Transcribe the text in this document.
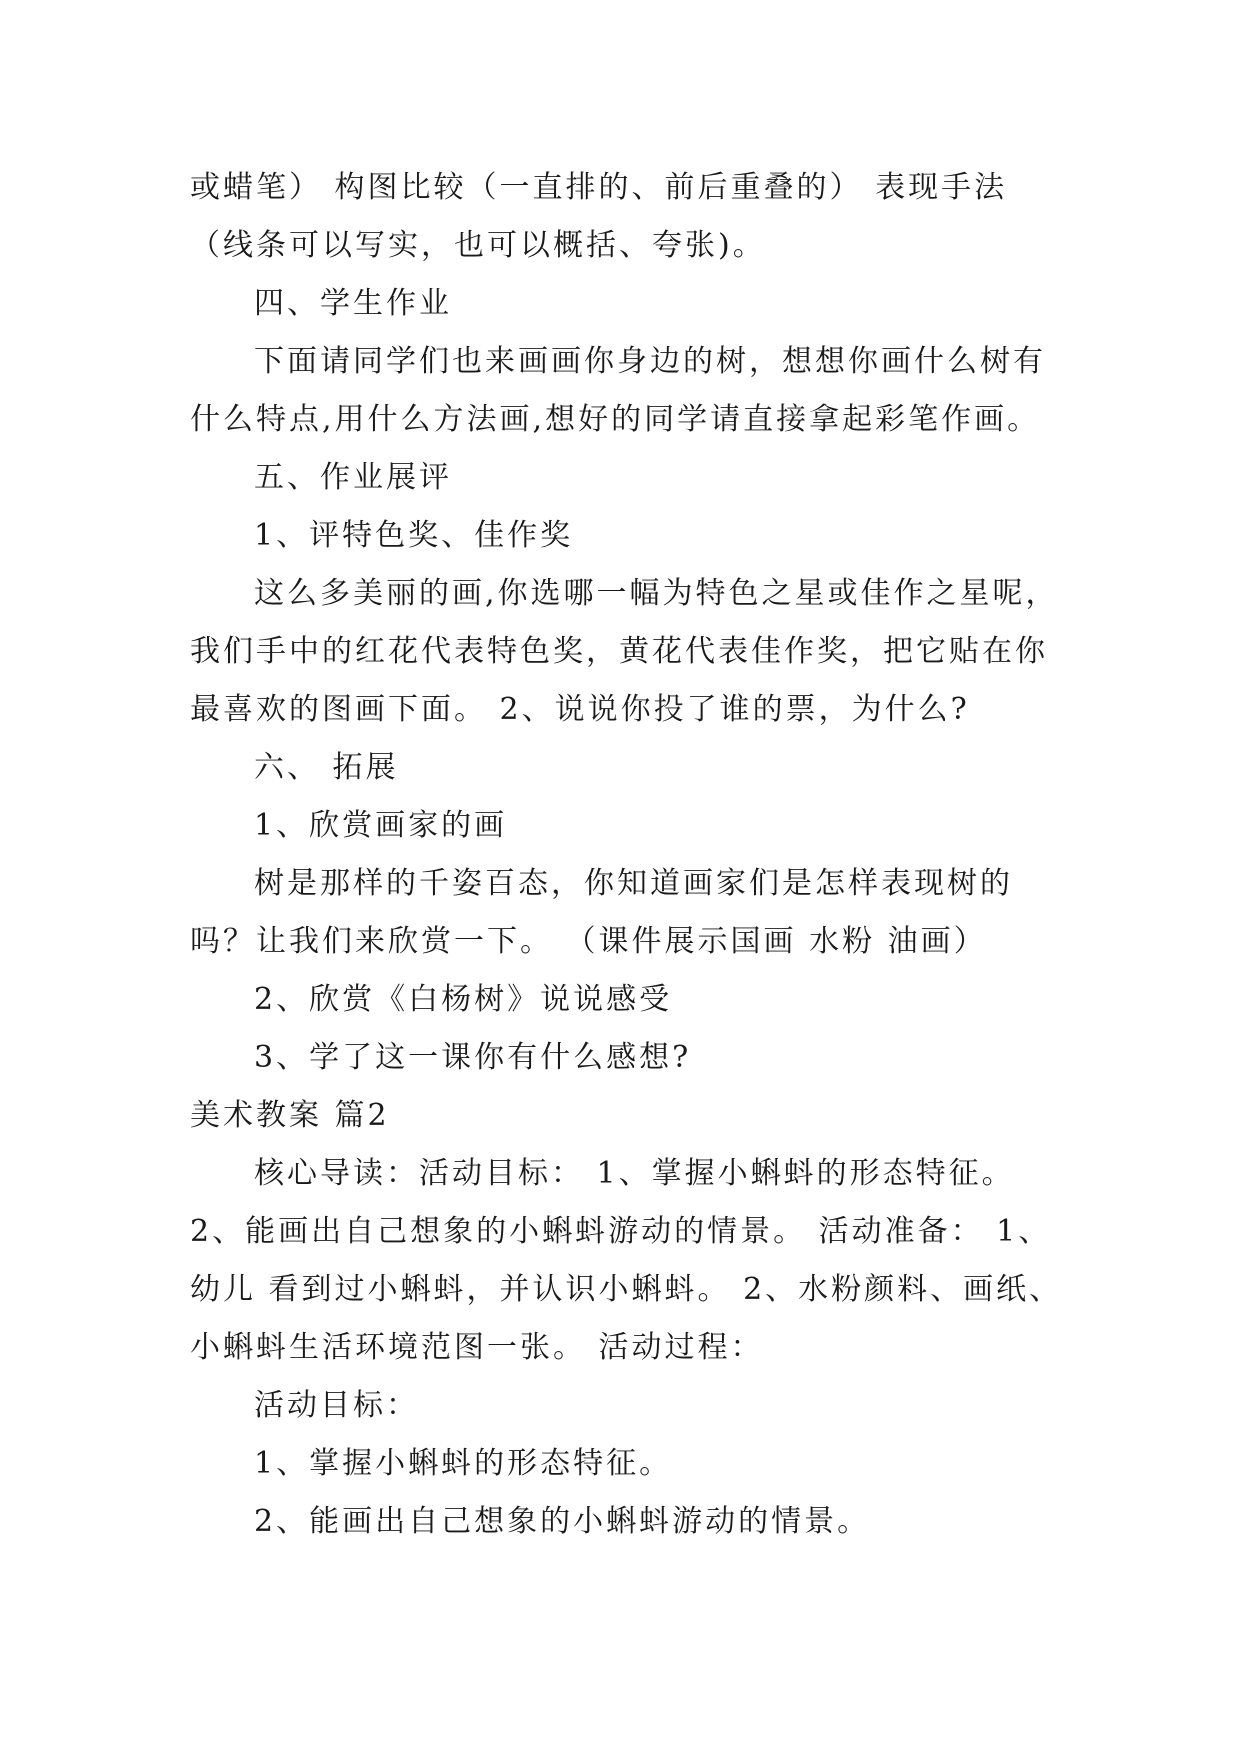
或蜡笔） 构图比较（一直排的、前后重叠的） 表现手法
（线条可以写实，也可以概括、夸张)。
四、学生作业
下面请同学们也来画画你身边的树，想想你画什么树有
什么特点,用什么方法画,想好的同学请直接拿起彩笔作画。
五、作业展评
1、评特色奖、佳作奖
这么多美丽的画,你选哪一幅为特色之星或佳作之星呢，
我们手中的红花代表特色奖，黄花代表佳作奖，把它贴在你
最喜欢的图画下面。 2、说说你投了谁的票，为什么?
六、 拓展
1、欣赏画家的画
树是那样的千姿百态，你知道画家们是怎样表现树的
吗？让我们来欣赏一下。 （课件展示国画 水粉 油画）
2、欣赏《白杨树》说说感受
3、学了这一课你有什么感想?
美术教案 篇2
核心导读：活动目标： 1、掌握小蝌蚪的形态特征。
2、能画出自己想象的小蝌蚪游动的情景。 活动准备： 1、
幼儿 看到过小蝌蚪，并认识小蝌蚪。 2、水粉颜料、画纸、
小蝌蚪生活环境范图一张。 活动过程：
活动目标：
1、掌握小蝌蚪的形态特征。
2、能画出自己想象的小蝌蚪游动的情景。
